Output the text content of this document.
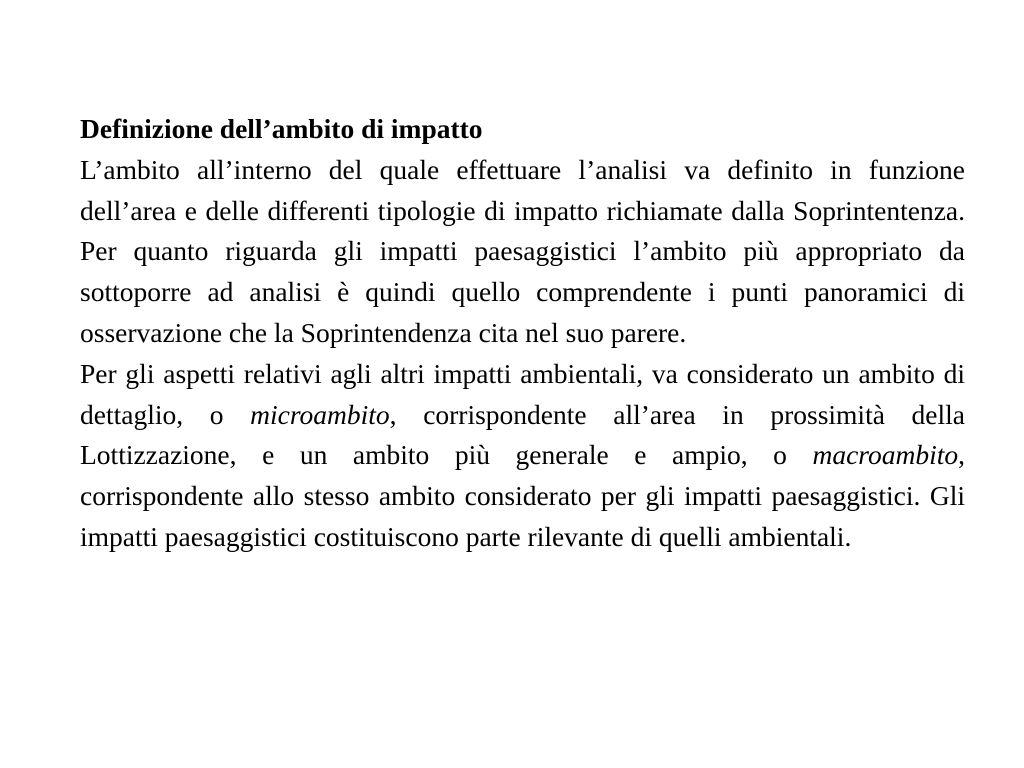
Definizione dell’ambito di impatto

L’ambito all’interno del quale effettuare l’analisi va definito in funzione dell’area e delle differenti tipologie di impatto richiamate dalla Soprintentenza. Per quanto riguarda gli impatti paesaggistici l’ambito più appropriato da sottoporre ad analisi è quindi quello comprendente i punti panoramici di osservazione che la Soprintendenza cita nel suo parere.

Per gli aspetti relativi agli altri impatti ambientali, va considerato un ambito di dettaglio, o microambito, corrispondente all’area in prossimità della Lottizzazione, e un ambito più generale e ampio, o macroambito, corrispondente allo stesso ambito considerato per gli impatti paesaggistici. Gli impatti paesaggistici costituiscono parte rilevante di quelli ambientali.
